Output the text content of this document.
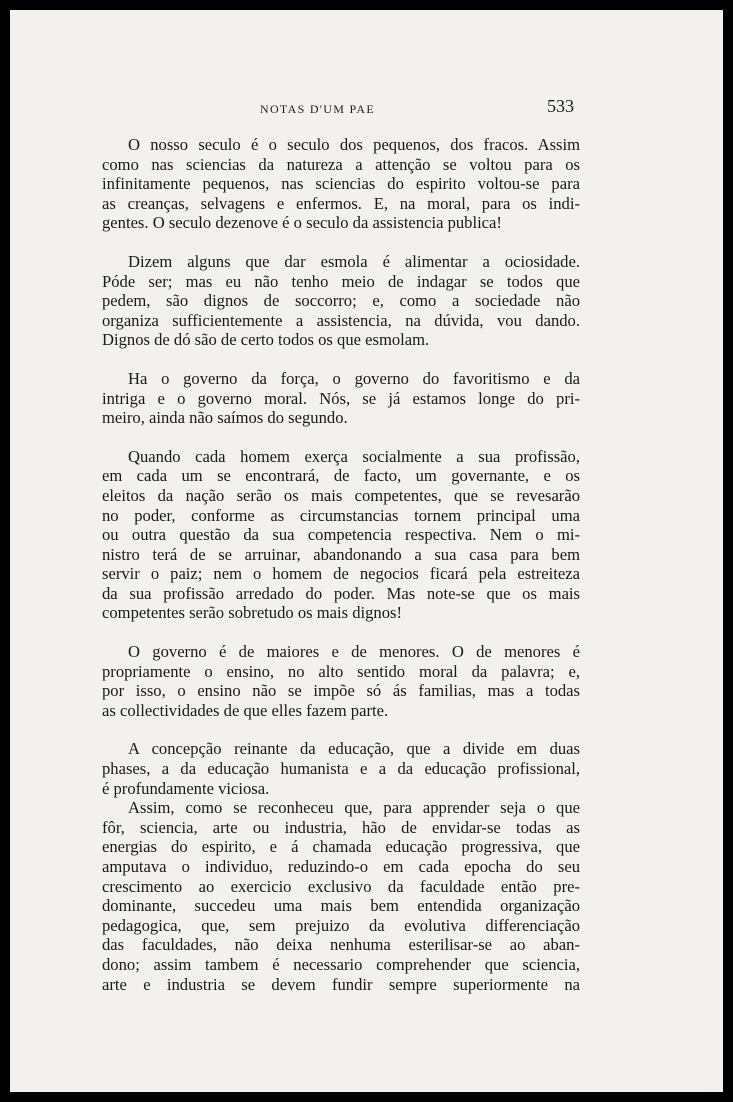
NOTAS D'UM PAE	533
O nosso seculo é o seculo dos pequenos, dos fracos. Assim
como nas sciencias da natureza a attenção se voltou para os
infinitamente pequenos, nas sciencias do espirito voltou-se para
as creanças, selvagens e enfermos. E, na moral, para os indi-
gentes. O seculo dezenove é o seculo da assistencia publica!
Dizem alguns que dar esmola é alimentar a ociosidade.
Póde ser; mas eu não tenho meio de indagar se todos que
pedem, são dignos de soccorro; e, como a sociedade não
organiza sufficientemente a assistencia, na dúvida, vou dando.
Dignos de dó são de certo todos os que esmolam.
Ha o governo da força, o governo do favoritismo e da
intriga e o governo moral. Nós, se já estamos longe do pri-
meiro, ainda não saímos do segundo.
Quando cada homem exerça socialmente a sua profissão,
em cada um se encontrará, de facto, um governante, e os
eleitos da nação serão os mais competentes, que se revesarão
no poder, conforme as circumstancias tornem principal uma
ou outra questão da sua competencia respectiva. Nem o mi-
nistro terá de se arruinar, abandonando a sua casa para bem
servir o paiz; nem o homem de negocios ficará pela estreiteza
da sua profissão arredado do poder. Mas note-se que os mais
competentes serão sobretudo os mais dignos!
O governo é de maiores e de menores. O de menores é
propriamente o ensino, no alto sentido moral da palavra; e,
por isso, o ensino não se impõe só ás familias, mas a todas
as collectividades de que elles fazem parte.
A concepção reinante da educação, que a divide em duas
phases, a da educação humanista e a da educação profissional,
é profundamente viciosa.
Assim, como se reconheceu que, para apprender seja o que
fôr, sciencia, arte ou industria, hão de envidar-se todas as
energias do espirito, e á chamada educação progressiva, que
amputava o individuo, reduzindo-o em cada epocha do seu
crescimento ao exercicio exclusivo da faculdade então pre-
dominante, succedeu uma mais bem entendida organização
pedagogica, que, sem prejuizo da evolutiva differenciação
das faculdades, não deixa nenhuma esterilisar-se ao aban-
dono; assim tambem é necessario comprehender que sciencia,
arte e industria se devem fundir sempre superiormente na
